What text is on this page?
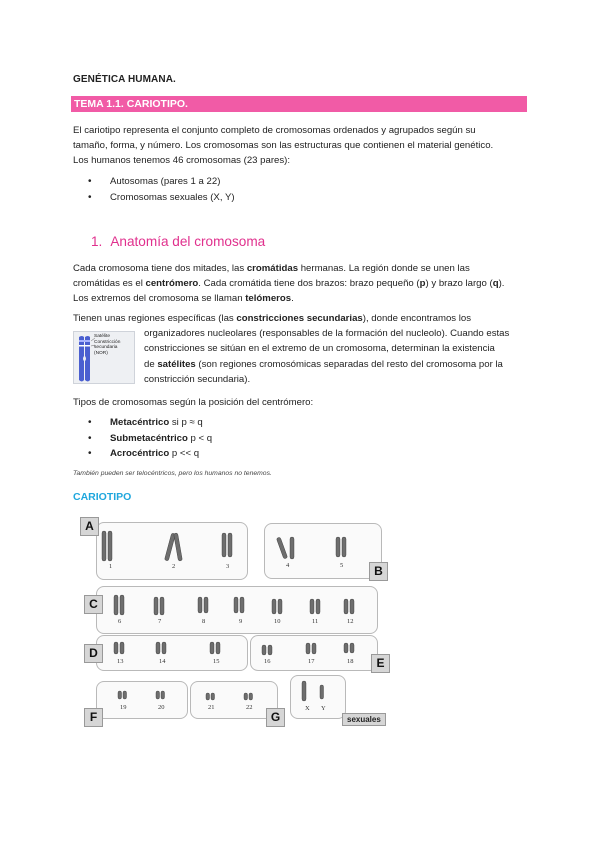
GENÉTICA HUMANA.
TEMA 1.1. CARIOTIPO.
El cariotipo representa el conjunto completo de cromosomas ordenados y agrupados según su
tamaño, forma, y número. Los cromosomas son las estructuras que contienen el material genético.
Los humanos tenemos 46 cromosomas (23 pares):
• Autosomas (pares 1 a 22)
• Cromosomas sexuales (X, Y)
1. Anatomía del cromosoma
Cada cromosoma tiene dos mitades, las cromátidas hermanas. La región donde se unen las
cromátidas es el centrómero. Cada cromátida tiene dos brazos: brazo pequeño (p) y brazo largo (q).
Los extremos del cromosoma se llaman telómeros.
Tienen unas regiones específicas (las constricciones secundarias), donde encontramos los
Satélite
Constricción
secundaria
(NOR)
organizadores nucleolares (responsables de la formación del nucleolo). Cuando estas
constricciones se sitúan en el extremo de un cromosoma, determinan la existencia
de satélites (son regiones cromosómicas separadas del resto del cromosoma por la
constricción secundaria).
Tipos de cromosomas según la posición del centrómero:
• Metacéntrico si p ≈ q
• Submetacéntrico p < q
• Acrocéntrico p << q
También pueden ser telocéntricos, pero los humanos no tenemos.
CARIOTIPO
A
B
C
D
E
F	G
1	2	3	4	5
6	7	8	9	10	11	12
13	14	15	16	17	18
19	20	21	22	X Y
sexuales
